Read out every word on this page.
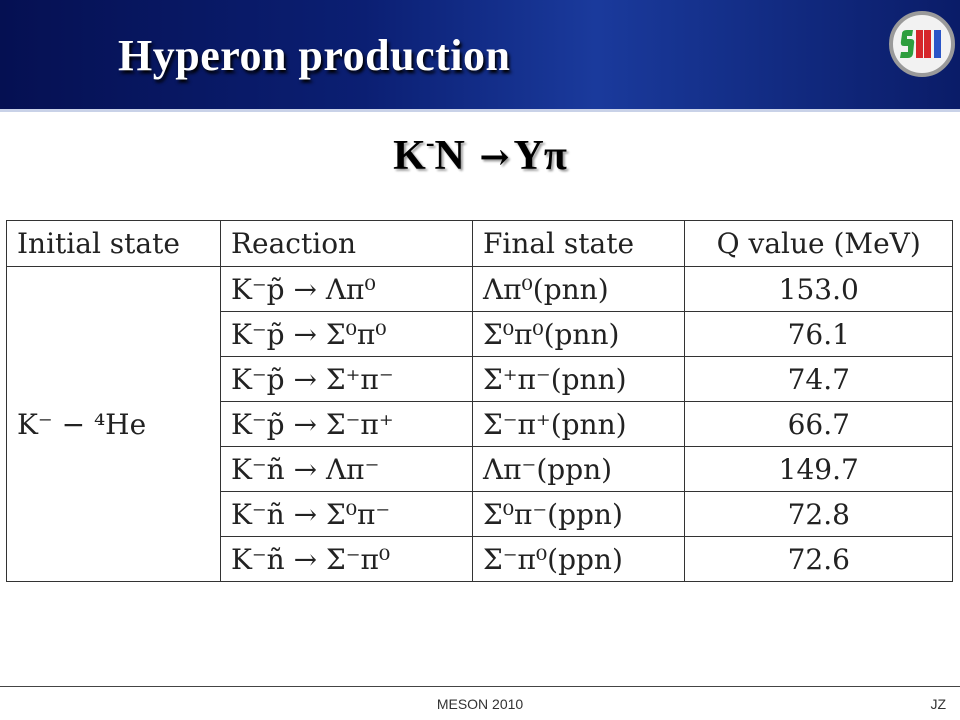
Hyperon production
K-N →Yπ
Initial state	Reaction	Final state	Q value (MeV)
K⁻ − ⁴He	K⁻p̃ → Λπ⁰	Λπ⁰(pnn)	153.0
	K⁻p̃ → Σ⁰π⁰	Σ⁰π⁰(pnn)	76.1
	K⁻p̃ → Σ⁺π⁻	Σ⁺π⁻(pnn)	74.7
	K⁻p̃ → Σ⁻π⁺	Σ⁻π⁺(pnn)	66.7
	K⁻ñ → Λπ⁻	Λπ⁻(ppn)	149.7
	K⁻ñ → Σ⁰π⁻	Σ⁰π⁻(ppn)	72.8
	K⁻ñ → Σ⁻π⁰	Σ⁻π⁰(ppn)	72.6
MESON 2010	JZ
